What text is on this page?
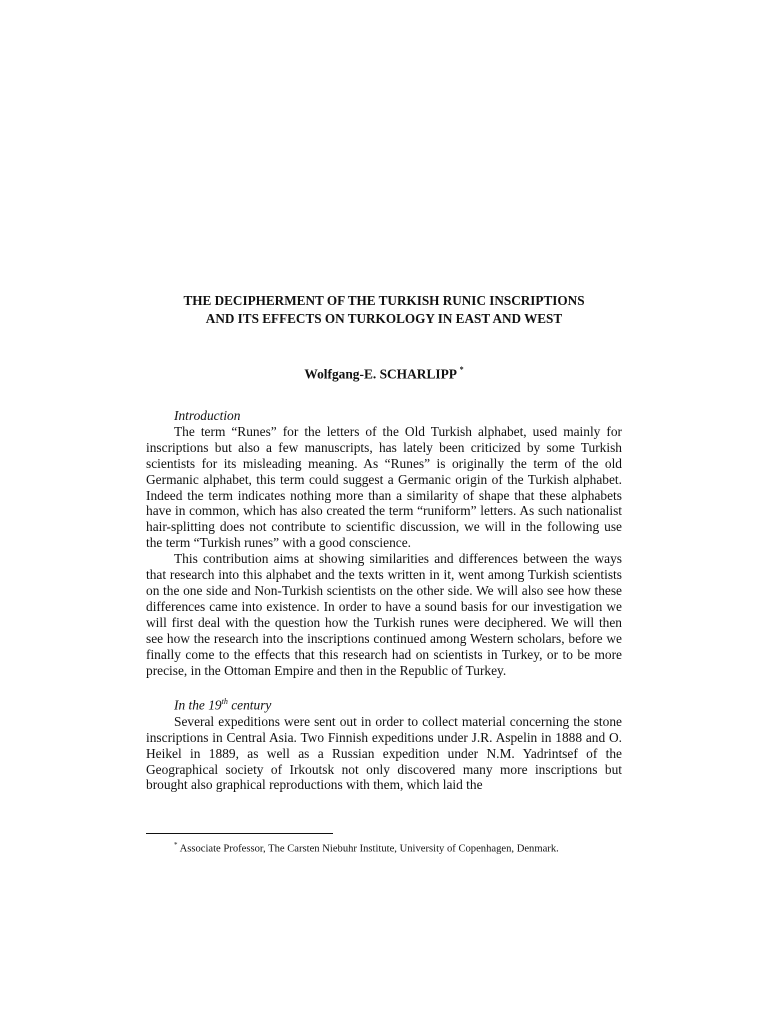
THE DECIPHERMENT OF THE TURKISH RUNIC INSCRIPTIONS
AND ITS EFFECTS ON TURKOLOGY IN EAST AND WEST

Wolfgang-E. SCHARLIPP *

Introduction

The term “Runes” for the letters of the Old Turkish alphabet, used mainly for inscriptions but also a few manuscripts, has lately been criticized by some Turkish scientists for its misleading meaning. As “Runes” is originally the term of the old Germanic alphabet, this term could suggest a Germanic origin of the Turkish alphabet. Indeed the term indicates nothing more than a similarity of shape that these alphabets have in common, which has also created the term “runiform” letters. As such nationalist hair-splitting does not contribute to scientific discussion, we will in the following use the term “Turkish runes” with a good conscience.

This contribution aims at showing similarities and differences between the ways that research into this alphabet and the texts written in it, went among Turkish scientists on the one side and Non-Turkish scientists on the other side. We will also see how these differences came into existence. In order to have a sound basis for our investigation we will first deal with the question how the Turkish runes were deciphered. We will then see how the research into the inscriptions continued among Western scholars, before we finally come to the effects that this research had on scientists in Turkey, or to be more precise, in the Ottoman Empire and then in the Republic of Turkey.

In the 19th century

Several expeditions were sent out in order to collect material concerning the stone inscriptions in Central Asia. Two Finnish expeditions under J.R. Aspelin in 1888 and O. Heikel in 1889, as well as a Russian expedition under N.M. Yadrintsef of the Geographical society of Irkoutsk not only discovered many more inscriptions but brought also graphical reproductions with them, which laid the

* Associate Professor, The Carsten Niebuhr Institute, University of Copenhagen, Denmark.
